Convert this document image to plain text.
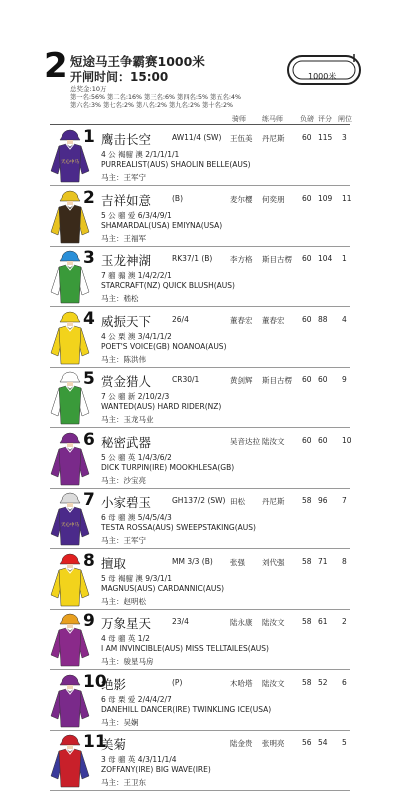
2 短途马王争霸赛1000米
开闸时间：15:00
总奖金:10万
第一名:56% 第二名:16% 第三名:6% 第四名:5% 第五名:4%
第六名:3% 第七名:2% 第八名:2% 第九名:2% 第十名:2%
1000米
骑师 练马师 负磅 评分 闸位
天心中马
1 鹰击长空	AW11/4 (SW) 王伍美 丹尼斯 60 115 3
4 公 褐骝 澳 2/1/1/1/1
PURREALIST(AUS) SHAOLIN BELLE(AUS)
马主：王军宁
2 吉祥如意	(B)	麦尔樱 何奕朋 60 109 11
5 公 骝 爱 6/3/4/9/1
SHAMARDAL(USA) EMIYNA(USA)
马主：王福军
3 玉龙神湖	RK37/1 (B) 李方格 斯目古楞 60 104 1
7 骝 骟 澳 1/4/2/2/1
STARCRAFT(NZ) QUICK BLUSH(AUS)
马主：嵇松
4 威振天下	26/4	董春宏 董春宏 60 88 4
4 公 栗 澳 3/4/1/1/2
POET'S VOICE(GB) NOANOA(AUS)
马主：陈洪伟
5 赏金猎人	CR30/1	黄剑辉 斯目古楞 60 60 9
7 公 骝 新 2/10/2/3
WANTED(AUS) HARD RIDER(NZ)
马主：玉龙马业
6 秘密武器	吴音达拉 陆汝文 60 60 10
5 公 骝 英 1/4/3/6/2
DICK TURPIN(IRE) MOOKHLESA(GB)
马主：沙宝亮
天心中马
7 小家碧玉	GH137/2 (SW) 田松 丹尼斯 58 96 7
6 母 骝 澳 5/4/5/4/3
TESTA ROSSA(AUS) SWEEPSTAKING(AUS)
马主：王军宁
8 擅取	MM 3/3 (B) 张强 刘代强 58 71 8
5 母 褐骝 澳 9/3/1/1
MAGNUS(AUS) CARDANNIC(AUS)
马主：赵明松
9 万象星天	23/4	陆永康 陆汝文 58 61 2
4 母 骝 英 1/2
I AM INVINCIBLE(AUS) MISS TELLTAILES(AUS)
马主：骏星马房
10
绝影	(P)	木哈塔 陆汝文 58 52 6
6 母 栗 爱 2/4/4/2/7
DANEHILL DANCER(IRE) TWINKLING ICE(USA)
马主：吴娴
11
美菊	陆金贵 张明亮 56 54 5
3 母 骝 英 4/3/11/1/4
ZOFFANY(IRE) BIG WAVE(IRE)
马主：王卫东
